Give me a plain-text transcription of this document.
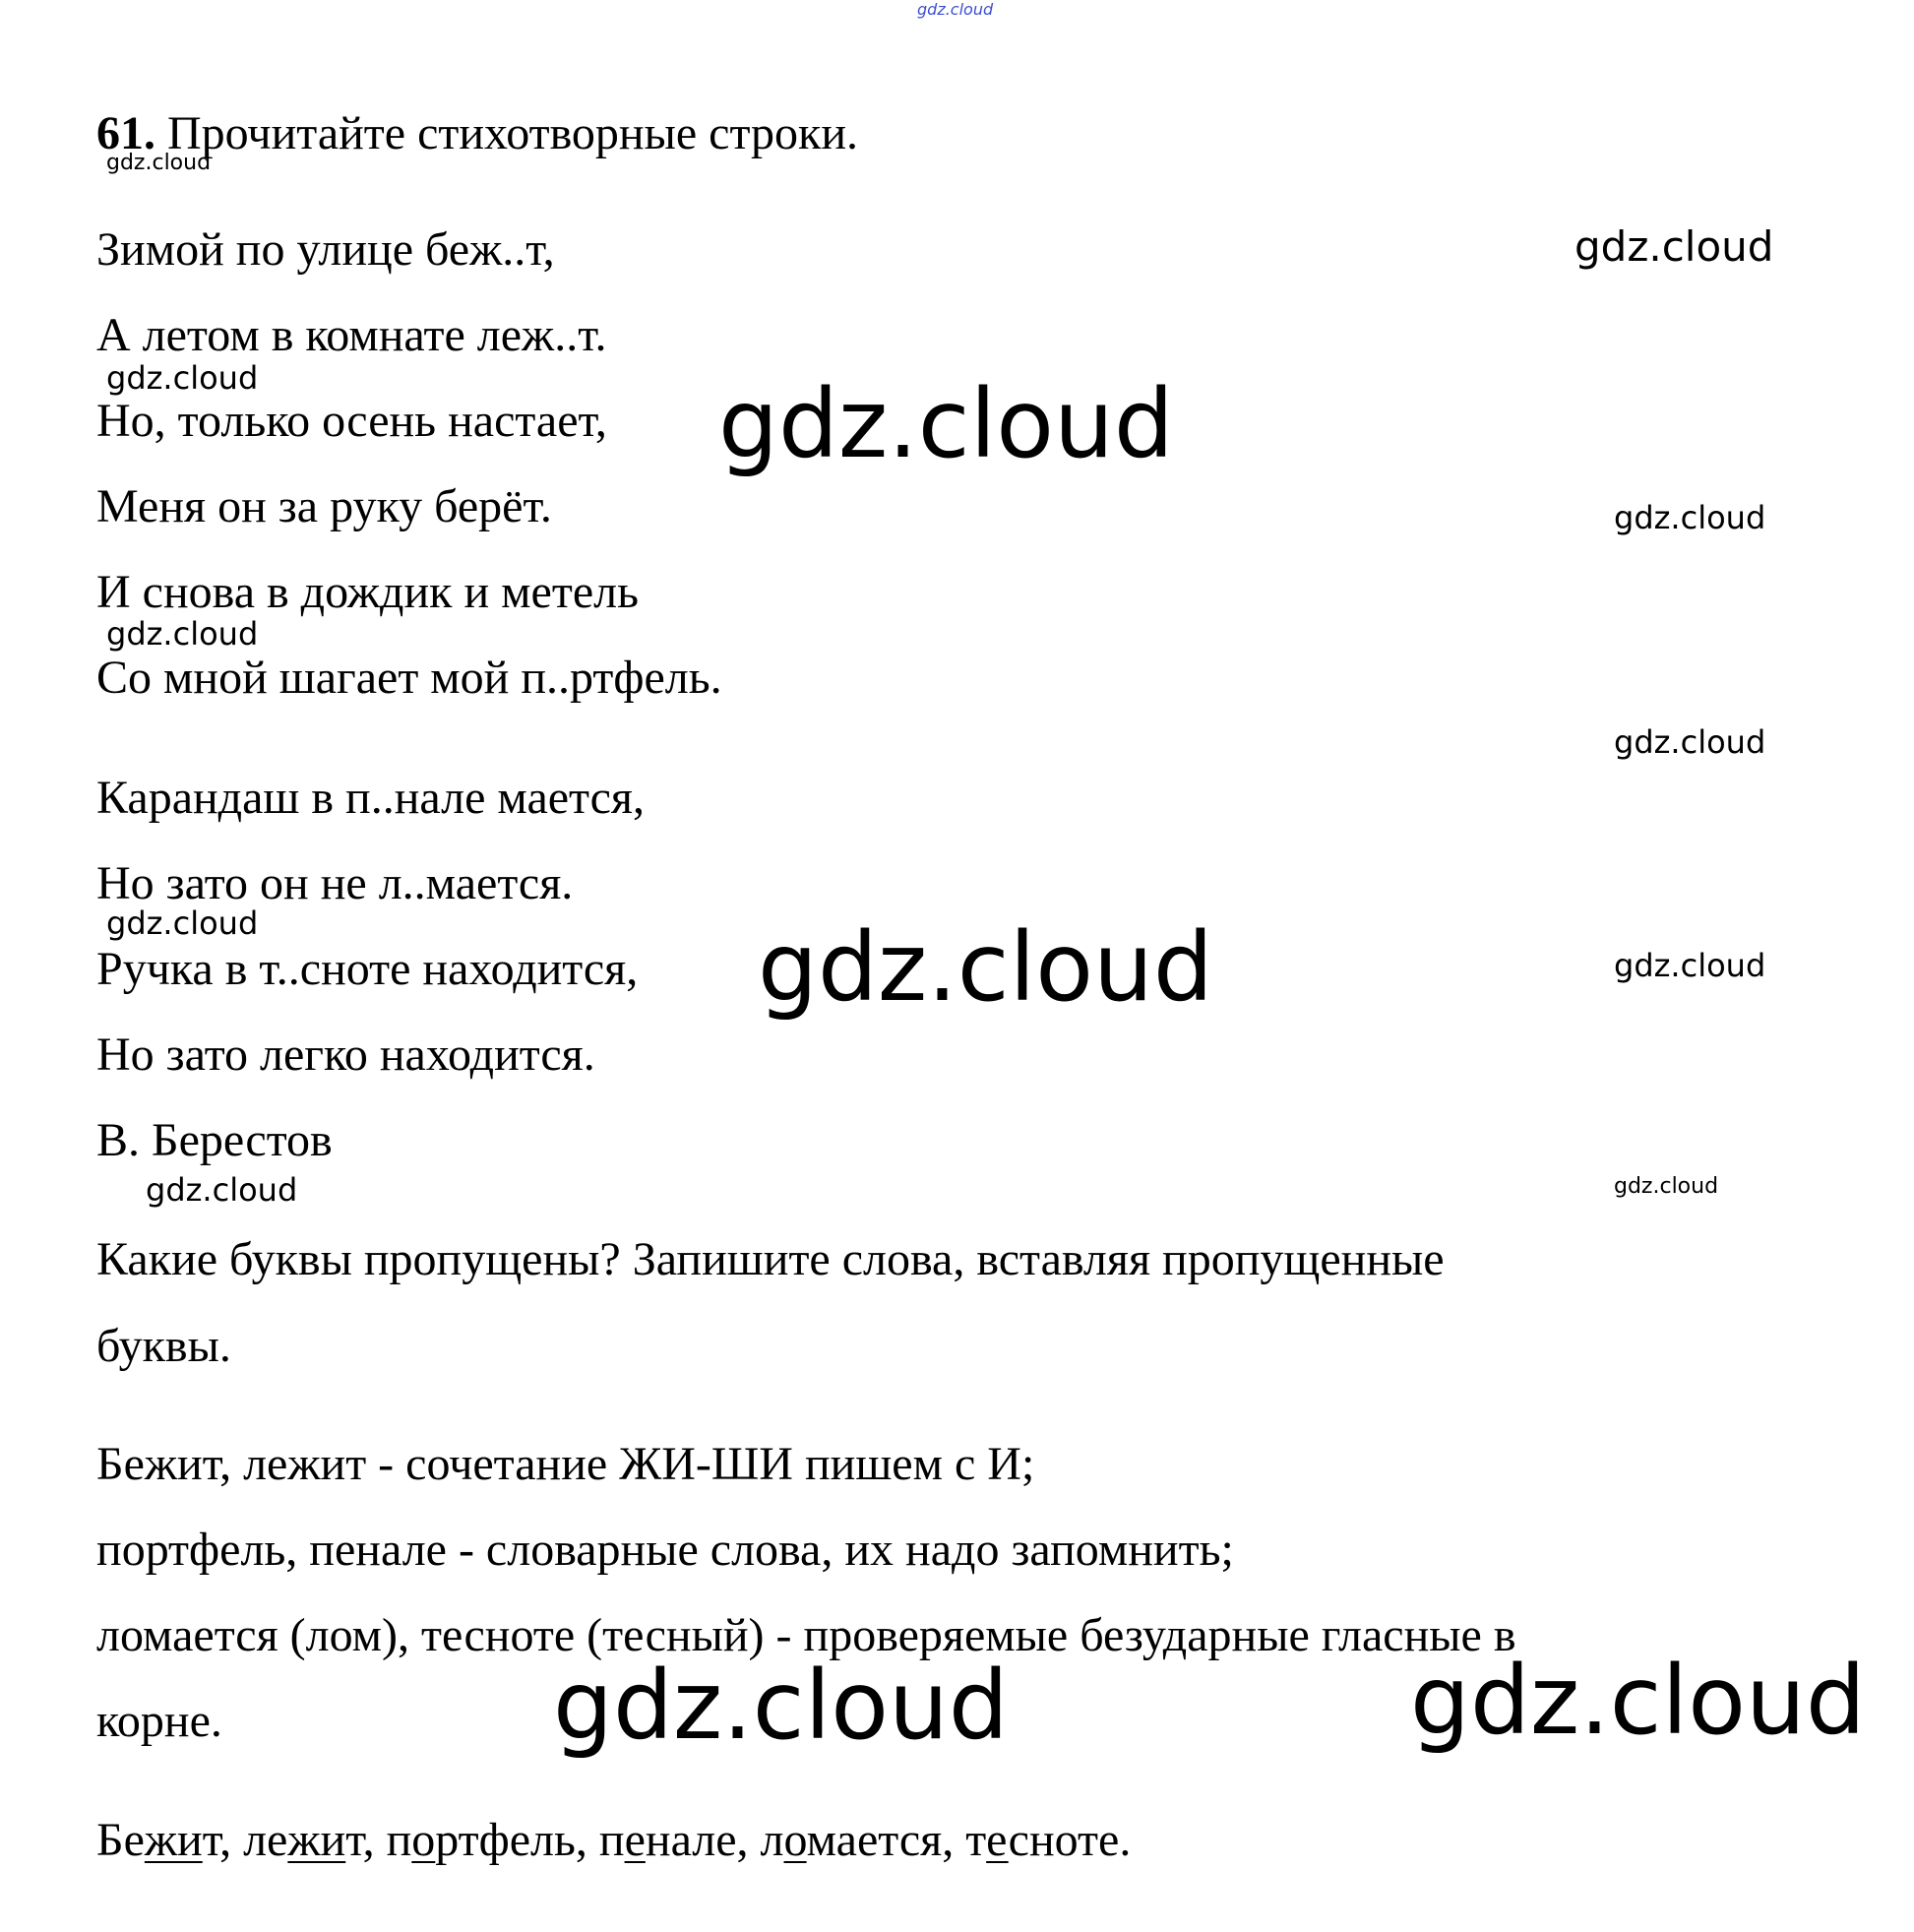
gdz.cloud
gdz.cloud
gdz.cloud
gdz.cloud	gdz.cloud
gdz.cloud
gdz.cloud
gdz.cloud
gdz.cloud	gdz.cloud	gdz.cloud
gdz.cloud	gdz.cloud
gdz.cloud	gdz.cloud
61. Прочитайте стихотворные строки.
Зимой по улице беж..т,
А летом в комнате леж..т.
Но, только осень настает,
Меня он за руку берёт.
И снова в дождик и метель
Со мной шагает мой п..ртфель.
Карандаш в п..нале мается,
Но зато он не л..мается.
Ручка в т..сноте находится,
Но зато легко находится.
В. Берестов
Какие буквы пропущены? Запишите слова, вставляя пропущенные
буквы.
Бежит, лежит - сочетание ЖИ-ШИ пишем с И;
портфель, пенале - словарные слова, их надо запомнить;
ломается (лом), тесноте (тесный) - проверяемые безударные гласные в
корне.
Бежит, лежит, портфель, пенале, ломается, тесноте.
